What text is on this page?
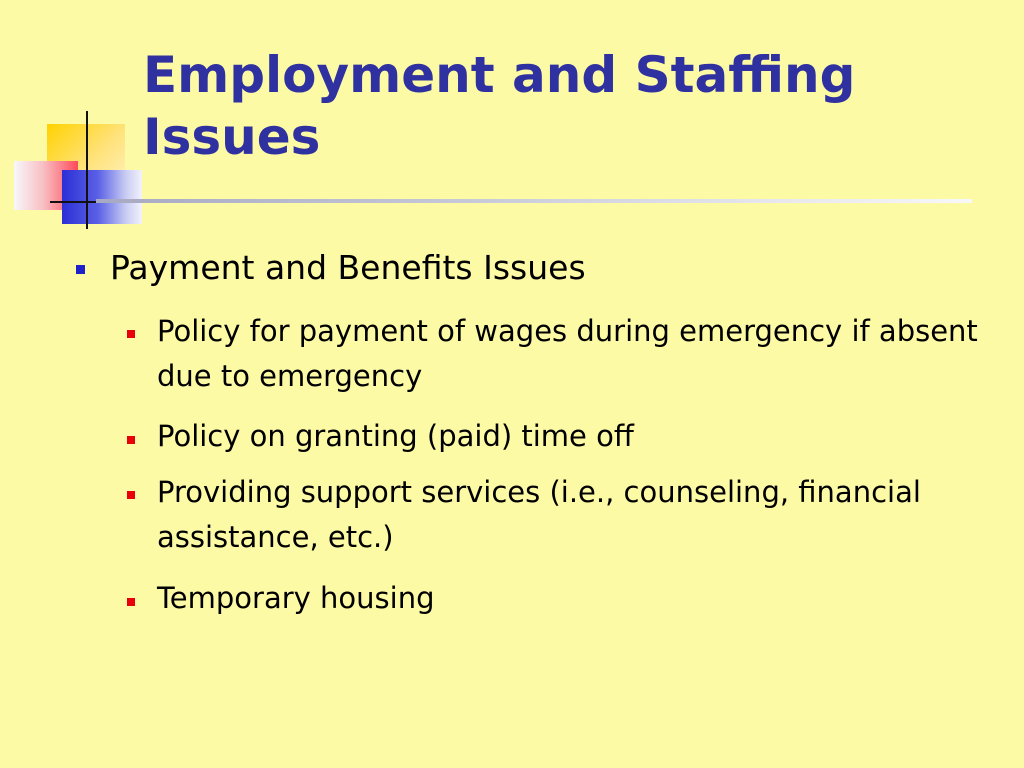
Employment and Staffing Issues
Payment and Benefits Issues
Policy for payment of wages during emergency if absent due to emergency
Policy on granting (paid) time off
Providing support services (i.e., counseling, financial assistance, etc.)
Temporary housing
